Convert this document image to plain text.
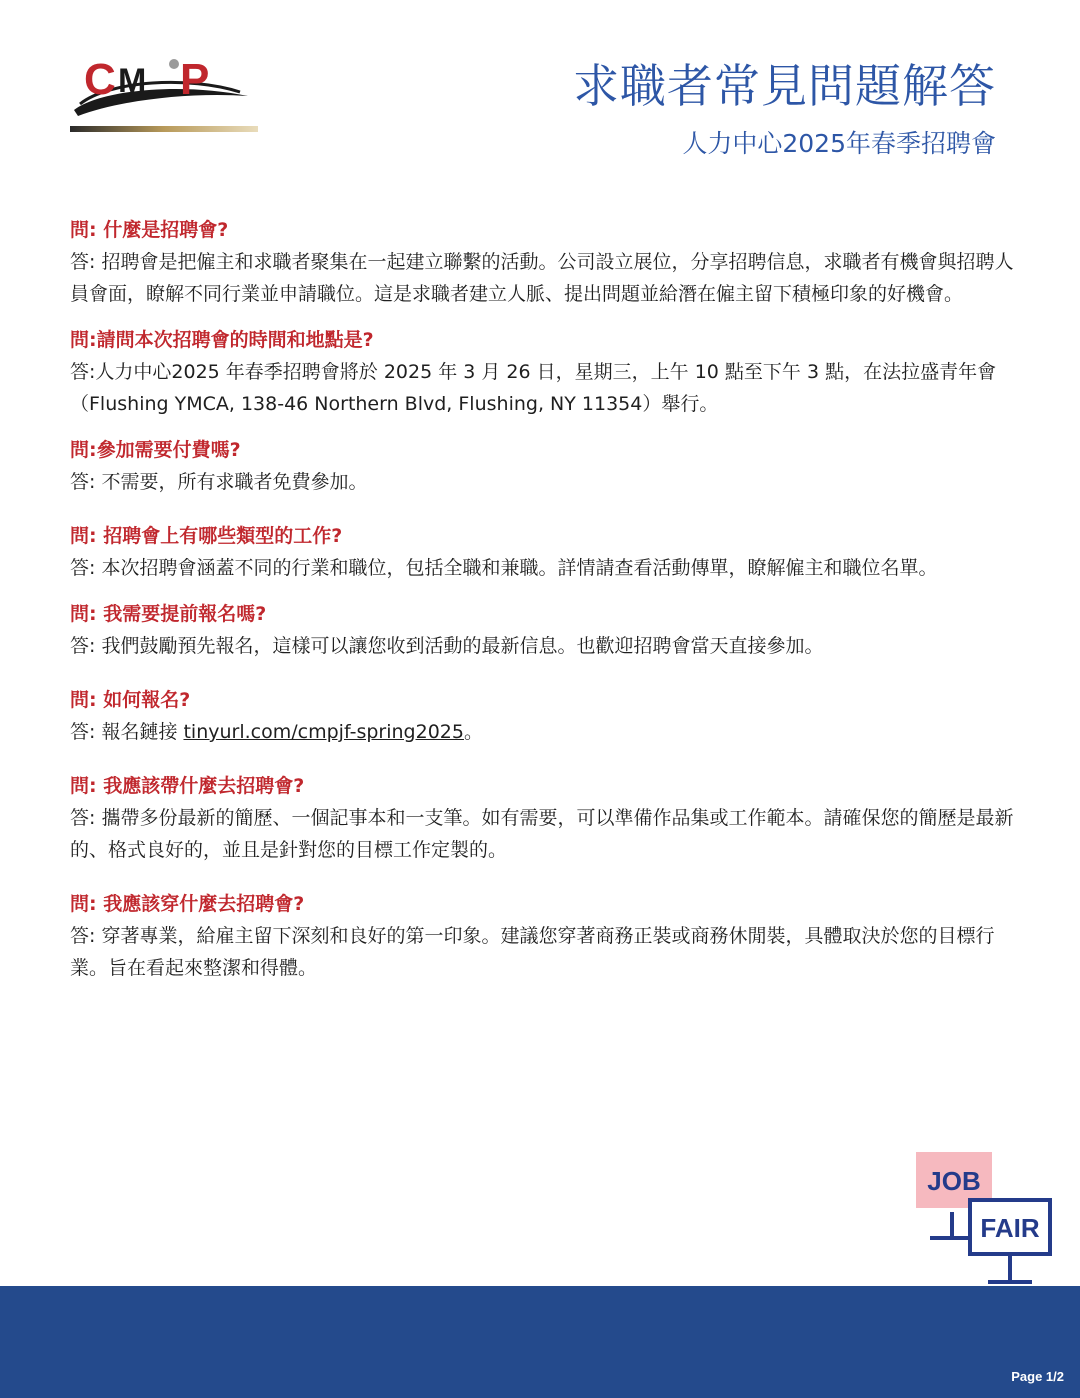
C M P	求職者常見問題解答
人力中心2025年春季招聘會

問: 什麼是招聘會?

答: 招聘會是把僱主和求職者聚集在一起建立聯繫的活動。公司設立展位，分享招聘信息，求職者有機會與招聘人員會面，瞭解不同行業並申請職位。這是求職者建立人脈、提出問題並給潛在僱主留下積極印象的好機會。

問:請問本次招聘會的時間和地點是?

答:人力中心2025 年春季招聘會將於 2025 年 3 月 26 日，星期三，上午 10 點至下午 3 點，在法拉盛青年會（Flushing YMCA, 138-46 Northern Blvd, Flushing, NY 11354）舉行。

問:參加需要付費嗎?

答: 不需要，所有求職者免費參加。

問: 招聘會上有哪些類型的工作?

答: 本次招聘會涵蓋不同的行業和職位，包括全職和兼職。詳情請查看活動傳單，瞭解僱主和職位名單。

問: 我需要提前報名嗎?

答: 我們鼓勵預先報名，這樣可以讓您收到活動的最新信息。也歡迎招聘會當天直接參加。

問: 如何報名?

答: 報名鏈接 tinyurl.com/cmpjf-spring2025。

問: 我應該帶什麼去招聘會?

答: 攜帶多份最新的簡歷、一個記事本和一支筆。如有需要，可以準備作品集或工作範本。請確保您的簡歷是最新的、格式良好的，並且是針對您的目標工作定製的。

問: 我應該穿什麼去招聘會?

答: 穿著專業，給雇主留下深刻和良好的第一印象。建議您穿著商務正裝或商務休閒裝，具體取決於您的目標行業。旨在看起來整潔和得體。

JOB
FAIR
Page 1/2
